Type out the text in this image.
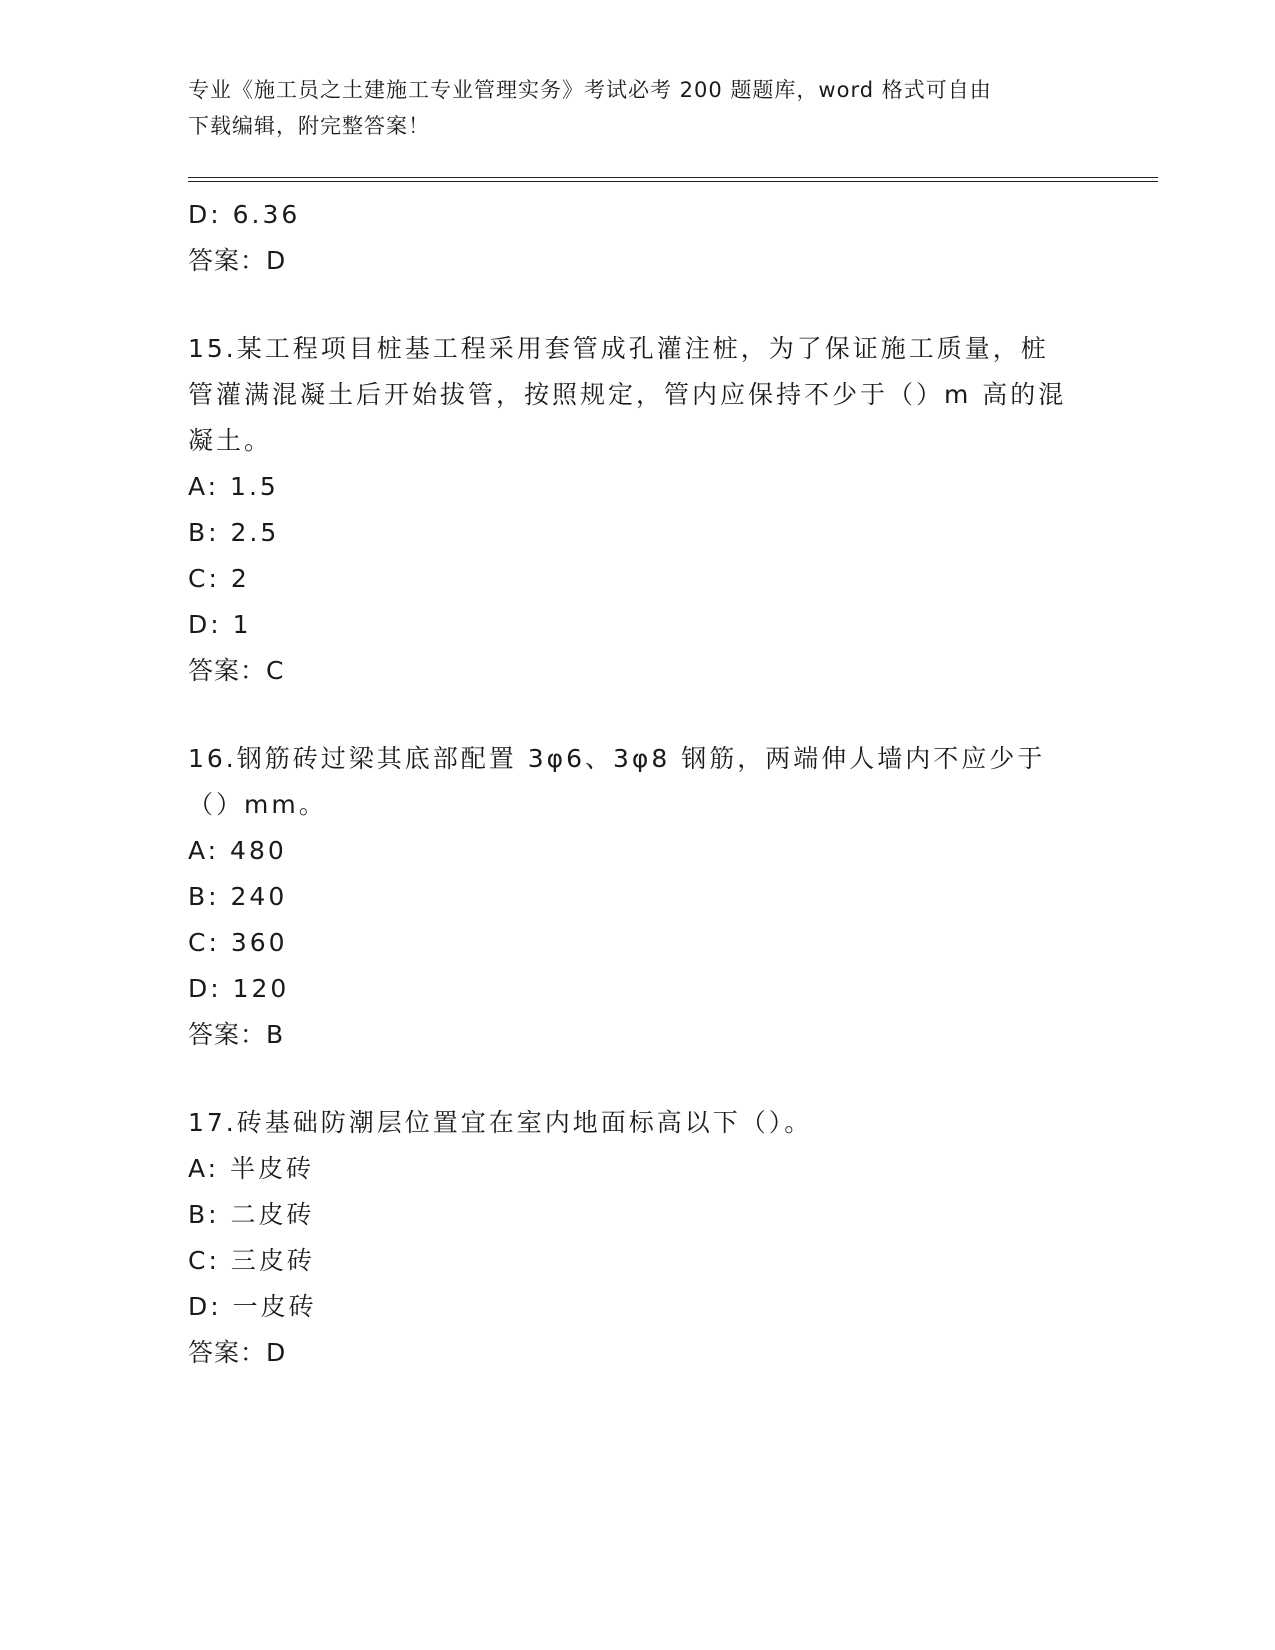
专业《施工员之土建施工专业管理实务》考试必考 200 题题库，word 格式可自由
下载编辑，附完整答案！

D: 6.36

答案：D

15.某工程项目桩基工程采用套管成孔灌注桩，为了保证施工质量，桩

管灌满混凝土后开始拔管，按照规定，管内应保持不少于（）m 高的混

凝土。

A: 1.5

B: 2.5

C: 2

D: 1

答案：C

16.钢筋砖过梁其底部配置 3φ6、3φ8 钢筋，两端伸人墙内不应少于

（）mm。

A: 480

B: 240

C: 360

D: 120

答案：B

17.砖基础防潮层位置宜在室内地面标高以下（）。

A: 半皮砖

B: 二皮砖

C: 三皮砖

D: 一皮砖

答案：D
